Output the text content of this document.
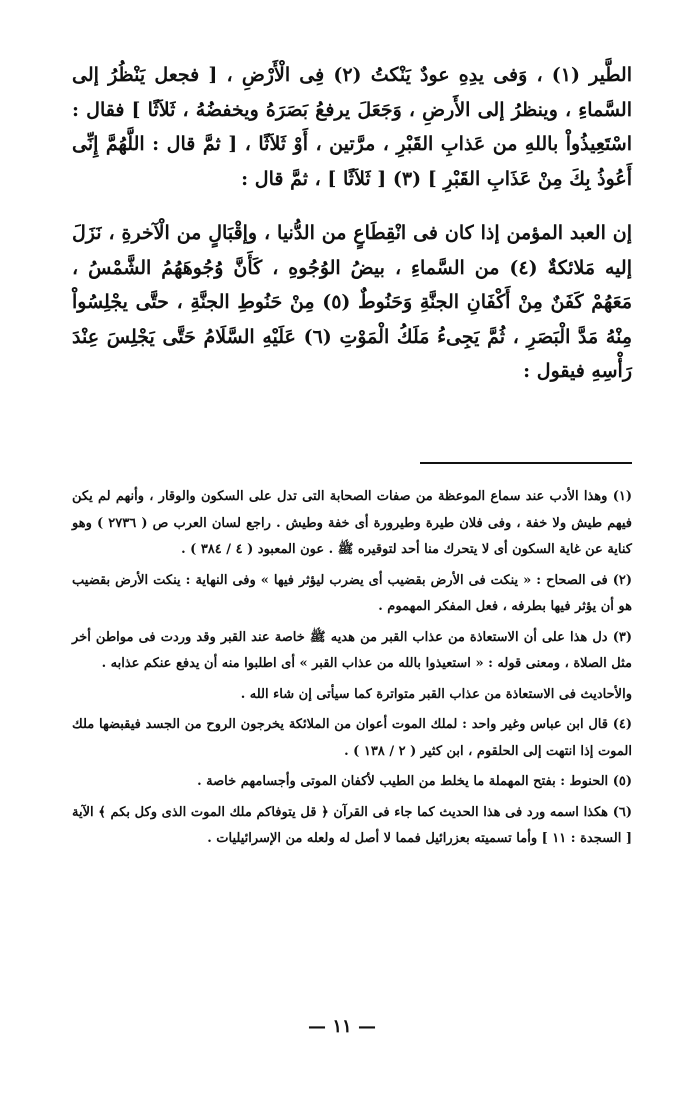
الطَّير (١) ، وَفى يدِهِ عودٌ يَنْكتُ (٢) فِى الْأَرْضِ ، [ فجعل يَنْظُرُ إلى السَّماءِ ، وينظرُ إلى الأَرضِ ، وَجَعَلَ يرفعُ بَصَرَهُ ويخفضُهُ ، ثَلاَثًا ] فقال : اسْتَعِيذُواْ باللهِ من عَذابِ القَبْرِ ، مرَّتين ، أَوْ ثَلاَثًا ، [ ثمَّ قال : اللَّهُمَّ إِنِّى أَعُوذُ بِكَ مِنْ عَذَابِ القَبْرِ ] (٣) [ ثَلاَثًا ] ، ثمَّ قال :

إن العبد المؤمن إذا كان فى انْقِطَاعٍ من الدُّنيا ، وإقْبَالٍ من الْآخرةِ ، نَزَلَ إليه مَلائكةٌ (٤) من السَّماءِ ، بيضُ الوُجُوهِ ، كَأَنَّ وُجُوهَهُمُ الشَّمْسُ ، مَعَهُمْ كَفَنٌ مِنْ أَكْفَانِ الجنَّةِ وَحَنُوطٌ (٥) مِنْ حَنُوطِ الجنَّةِ ، حتَّى يجْلِسُواْ مِنْهُ مَدَّ الْبَصَرِ ، ثُمَّ يَجِىءُ مَلَكُ الْمَوْتِ (٦) عَلَيْهِ السَّلَامُ حَتَّى يَجْلِسَ عِنْدَ رَأْسِهِ فيقول :

(١) وهذا الأدب عند سماع الموعظة من صفات الصحابة التى تدل على السكون والوقار ، وأنهم لم يكن فيهم طيش ولا خفة ، وفى فلان طيرة وطيرورة أى خفة وطيش . راجع لسان العرب ص ( ٢٧٣٦ ) وهو كناية عن غاية السكون أى لا يتحرك منا أحد لتوقيره ﷺ . عون المعبود ( ٤ / ٣٨٤ ) .

(٢) فى الصحاح : « ينكت فى الأرض بقضيب أى يضرب ليؤثر فيها » وفى النهاية : ينكت الأرض بقضيب هو أن يؤثر فيها بطرفه ، فعل المفكر المهموم .

(٣) دل هذا على أن الاستعاذة من عذاب القبر من هديه ﷺ خاصة عند القبر وقد وردت فى مواطن أخر مثل الصلاة ، ومعنى قوله : « استعيذوا بالله من عذاب القبر » أى اطلبوا منه أن يدفع عنكم عذابه .

والأحاديث فى الاستعاذة من عذاب القبر متواترة كما سيأتى إن شاء الله .

(٤) قال ابن عباس وغير واحد : لملك الموت أعوان من الملائكة يخرجون الروح من الجسد فيقبضها ملك الموت إذا انتهت إلى الحلقوم ، ابن كثير ( ٢ / ١٣٨ ) .

(٥) الحنوط : بفتح المهملة ما يخلط من الطيب لأكفان الموتى وأجسامهم خاصة .

(٦) هكذا اسمه ورد فى هذا الحديث كما جاء فى القرآن ﴿ قل يتوفاكم ملك الموت الذى وكل بكم ﴾ الآية [ السجدة : ١١ ] وأما تسميته بعزرائيل فمما لا أصل له ولعله من الإسرائيليات .

— ١١ —
